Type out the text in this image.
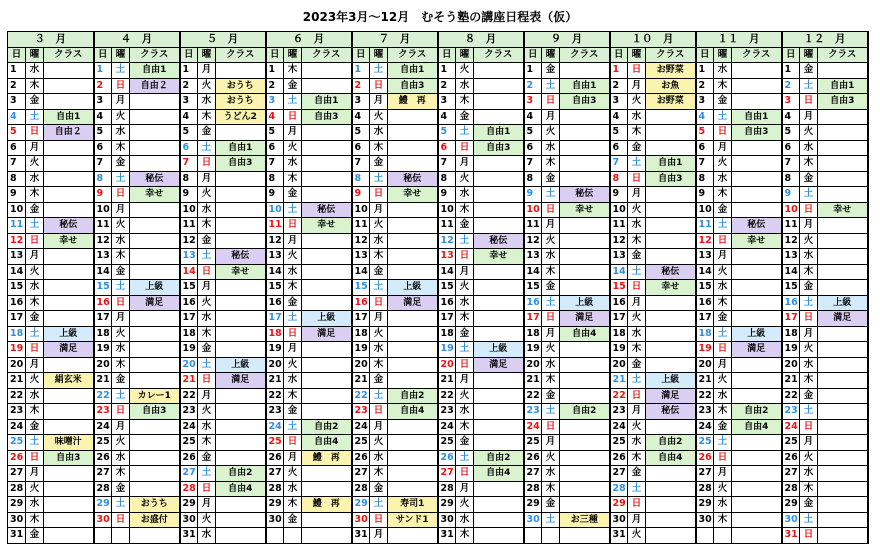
2023年3月～12月　むそう塾の講座日程表（仮）
３　月			４　月			５　月			６　月			７　月			８　月			９　月			１０　月			１１　月			１２　月		
日	曜	クラス	日	曜	クラス	日	曜	クラス	日	曜	クラス	日	曜	クラス	日	曜	クラス	日	曜	クラス	日	曜	クラス	日	曜	クラス	日	曜	クラス
1	水		1	土	自由1	1	月		1	木		1	土	自由1	1	火		1	金		1	日	お野菜	1	水		1	金	
2	木		2	日	自由２	2	火	おうち	2	金		2	日	自由3	2	水		2	土	自由1	2	月	お魚	2	木		2	土	自由1
3	金		3	月		3	水	おうち	3	土	自由1	3	月	鱧　再	3	木		3	日	自由3	3	火	お野菜	3	金		3	日	自由3
4	土	自由1	4	火		4	木	うどん2	4	日	自由3	4	火		4	金		4	月		4	水		4	土	自由1	4	月	
5	日	自由２	5	水		5	金		5	月		5	水		5	土	自由1	5	火		5	木		5	日	自由3	5	火	
6	月		6	木		6	土	自由1	6	火		6	木		6	日	自由3	6	水		6	金		6	月		6	水	
7	火		7	金		7	日	自由3	7	水		7	金		7	月		7	木		7	土	自由1	7	火		7	木	
8	水		8	土	秘伝	8	月		8	木		8	土	秘伝	8	火		8	金		8	日	自由3	8	水		8	金	
9	木		9	日	幸せ	9	火		9	金		9	日	幸せ	9	水		9	土	秘伝	9	月		9	木		9	土	
10	金		10	月		10	水		10	土	秘伝	10	月		10	木		10	日	幸せ	10	火		10	金		10	日	幸せ
11	土	秘伝	11	火		11	木		11	日	幸せ	11	火		11	金		11	月		11	水		11	土	秘伝	11	月	
12	日	幸せ	12	水		12	金		12	月		12	水		12	土	秘伝	12	火		12	木		12	日	幸せ	12	火	
13	月		13	木		13	土	秘伝	13	火		13	木		13	日	幸せ	13	水		13	金		13	月		13	水	
14	火		14	金		14	日	幸せ	14	水		14	金		14	月		14	木		14	土	秘伝	14	火		14	木	
15	水		15	土	上級	15	月		15	木		15	土	上級	15	火		15	金		15	日	幸せ	15	水		15	金	
16	木		16	日	満足	16	火		16	金		16	日	満足	16	水		16	土	上級	16	月		16	木		16	土	上級
17	金		17	月		17	水		17	土	上級	17	月		17	木		17	日	満足	17	火		17	金		17	日	満足
18	土	上級	18	火		18	木		18	日	満足	18	火		18	金		18	月	自由4	18	水		18	土	上級	18	月	
19	日	満足	19	水		19	金		19	月		19	水		19	土	上級	19	火		19	木		19	日	満足	19	火	
20	月		20	木		20	土	上級	20	火		20	木		20	日	満足	20	水		20	金		20	月		20	水	
21	火	絹玄米	21	金		21	日	満足	21	水		21	金		21	月		21	木		21	土	上級	21	火		21	木	
22	水		22	土	カレー1	22	月		22	木		22	土	自由2	22	火		22	金		22	日	満足	22	水		22	金	
23	木		23	日	自由3	23	火		23	金		23	日	自由4	23	水		23	土	自由2	23	月	秘伝	23	木	自由2	23	土	
24	金		24	月		24	水		24	土	自由2	24	月		24	木		24	日		24	火		24	金	自由4	24	日	
25	土	味噌汁	25	火		25	木		25	日	自由4	25	火		25	金		25	月		25	水	自由2	25	土		25	月	
26	日	自由3	26	水		26	金		26	月	鱧　再	26	水		26	土	自由2	26	火		26	木	自由4	26	日		26	火	
27	月		27	木		27	土	自由2	27	火		27	木		27	日	自由4	27	水		27	金		27	月		27	水	
28	火		28	金		28	日	自由4	28	水		28	金		28	月		28	木		28	土		28	火		28	木	
29	水		29	土	おうち	29	月		29	木	鱧　再	29	土	寿司1	29	火		29	金		29	日		29	水		29	金	
30	木		30	日	お盛付	30	火		30	金		30	日	サンド1	30	水		30	土	お三種	30	月		30	木		30	土	
31	金					31	水					31	月		31	木					31	火					31	日	
